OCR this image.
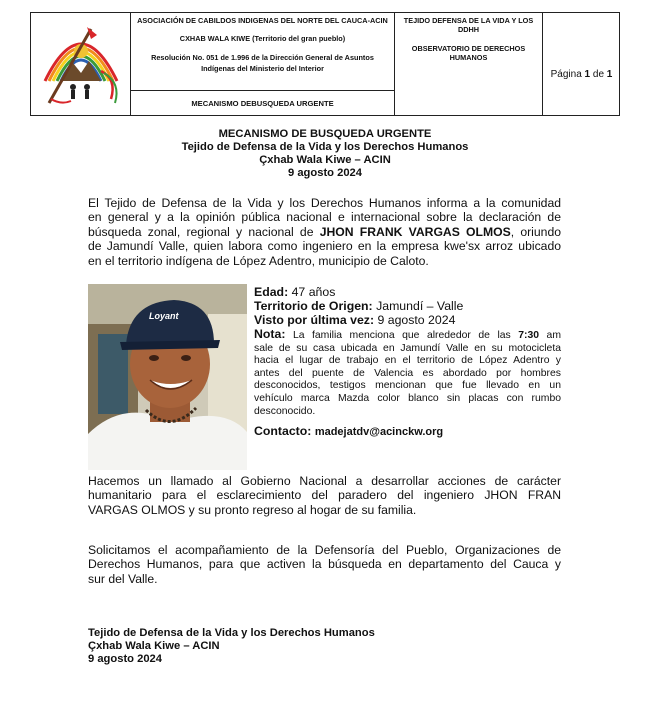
ASOCIACIÓN DE CABILDOS INDIGENAS DEL NORTE DEL CAUCA-ACIN
CXHAB WALA KIWE (Territorio del gran pueblo)
Resolución No. 051 de 1.996 de la Dirección General de Asuntos
Indígenas del Ministerio del Interior
MECANISMO DEBUSQUEDA URGENTE
TEJIDO DEFENSA DE LA VIDA Y LOS
DDHH
OBSERVATORIO DE DERECHOS
HUMANOS
Página 1 de 1
MECANISMO DE BUSQUEDA URGENTE
Tejido de Defensa de la Vida y los Derechos Humanos
Çxhab Wala Kiwe – ACIN
9 agosto 2024
El Tejido de Defensa de la Vida y los Derechos Humanos informa a la comunidad
en general y a la opinión pública nacional e internacional sobre la declaración de
búsqueda zonal, regional y nacional de JHON FRANK VARGAS OLMOS, oriundo
de Jamundí Valle, quien labora como ingeniero en la empresa kwe'sx arroz ubicado
en el territorio indígena de López Adentro, municipio de Caloto.
Loyant
Edad: 47 años
Territorio de Origen: Jamundí – Valle
Visto por última vez: 9 agosto 2024
Nota: La familia menciona que alrededor de las 7:30 am
sale de su casa ubicada en Jamundí Valle en su motocicleta
hacia el lugar de trabajo en el territorio de López Adentro y
antes del puente de Valencia es abordado por hombres
desconocidos, testigos mencionan que fue llevado en un
vehículo marca Mazda color blanco sin placas con rumbo
desconocido.
Contacto: madejatdv@acinckw.org
Hacemos un llamado al Gobierno Nacional a desarrollar acciones de carácter
humanitario para el esclarecimiento del paradero del ingeniero JHON FRAN
VARGAS OLMOS y su pronto regreso al hogar de su familia.
Solicitamos el acompañamiento de la Defensoría del Pueblo, Organizaciones de
Derechos Humanos, para que activen la búsqueda en departamento del Cauca y
sur del Valle.
Tejido de Defensa de la Vida y los Derechos Humanos
Çxhab Wala Kiwe – ACIN
9 agosto 2024
